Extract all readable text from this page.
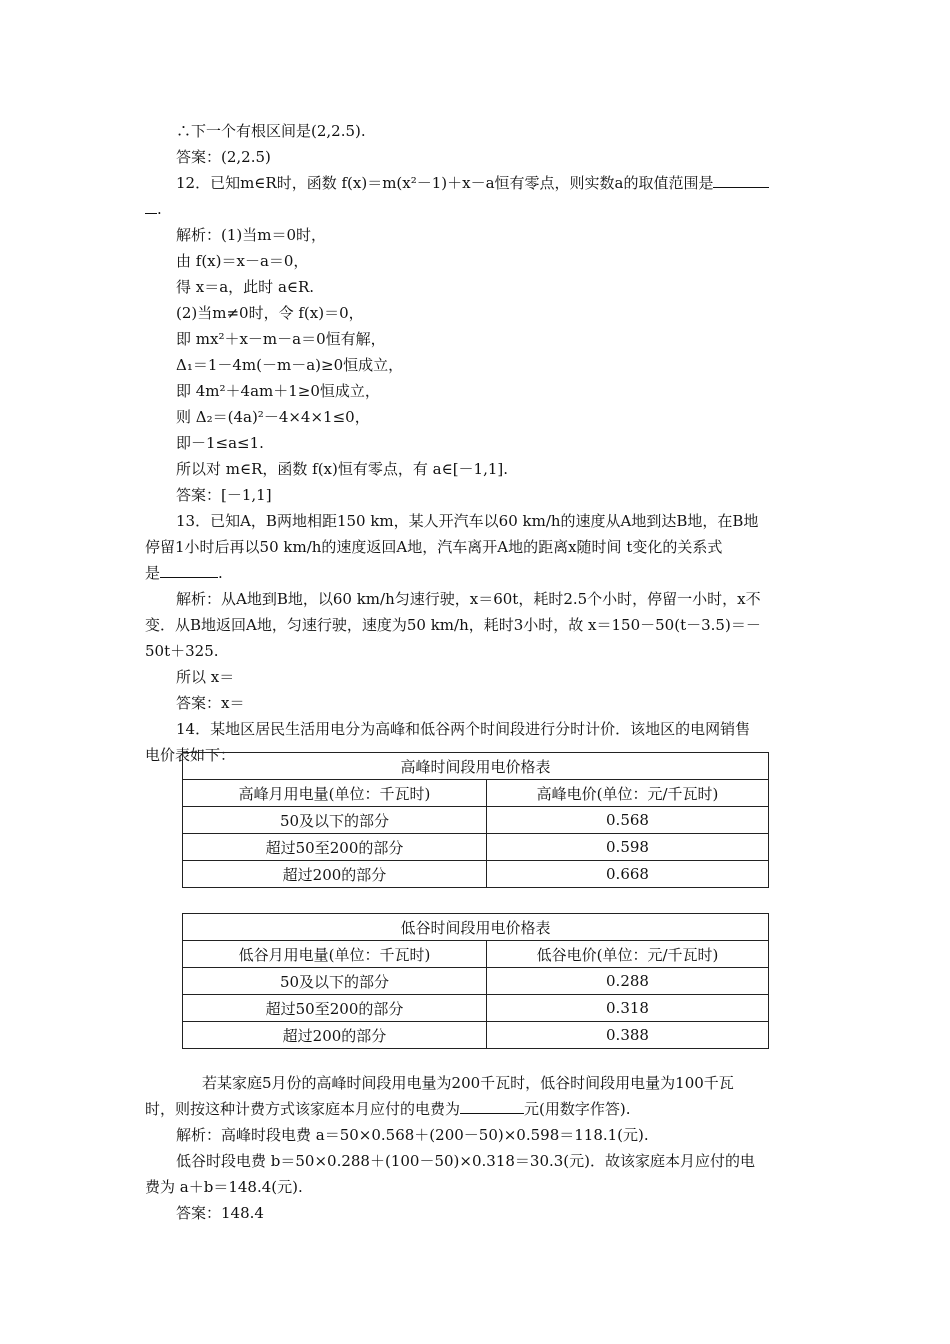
∴下一个有根区间是(2,2.5).
答案：(2,2.5)
12．已知m∈R时，函数 f(x)＝m(x²－1)＋x－a恒有零点，则实数a的取值范围是
.
解析：(1)当m＝0时，
由 f(x)＝x－a＝0，
得 x＝a，此时 a∈R.
(2)当m≠0时，令 f(x)＝0，
即 mx²＋x－m－a＝0恒有解，
Δ₁＝1－4m(－m－a)≥0恒成立，
即 4m²＋4am＋1≥0恒成立，
则 Δ₂＝(4a)²－4×4×1≤0，
即－1≤a≤1.
所以对 m∈R，函数 f(x)恒有零点，有 a∈[－1,1].
答案：[－1,1]
13．已知A，B两地相距150 km，某人开汽车以60 km/h的速度从A地到达B地，在B地
停留1小时后再以50 km/h的速度返回A地，汽车离开A地的距离x随时间 t变化的关系式
是	.
解析：从A地到B地，以60 km/h匀速行驶，x＝60t，耗时2.5个小时，停留一小时，x不
变．从B地返回A地，匀速行驶，速度为50 km/h，耗时3小时，故 x＝150－50(t－3.5)＝－
50t＋325.
所以 x＝
答案：x＝
14．某地区居民生活用电分为高峰和低谷两个时间段进行分时计价．该地区的电网销售
电价表如下：
高峰时间段用电价格表	
高峰月用电量(单位：千瓦时)	高峰电价(单位：元/千瓦时)
50及以下的部分	0.568
超过50至200的部分	0.598
超过200的部分	0.668
低谷时间段用电价格表	
低谷月用电量(单位：千瓦时)	低谷电价(单位：元/千瓦时)
50及以下的部分	0.288
超过50至200的部分	0.318
超过200的部分	0.388
若某家庭5月份的高峰时间段用电量为200千瓦时，低谷时间段用电量为100千瓦
时，则按这种计费方式该家庭本月应付的电费为	元(用数字作答).
解析：高峰时段电费 a＝50×0.568＋(200－50)×0.598＝118.1(元).
低谷时段电费 b＝50×0.288＋(100－50)×0.318＝30.3(元)．故该家庭本月应付的电
费为 a＋b＝148.4(元).
答案：148.4
